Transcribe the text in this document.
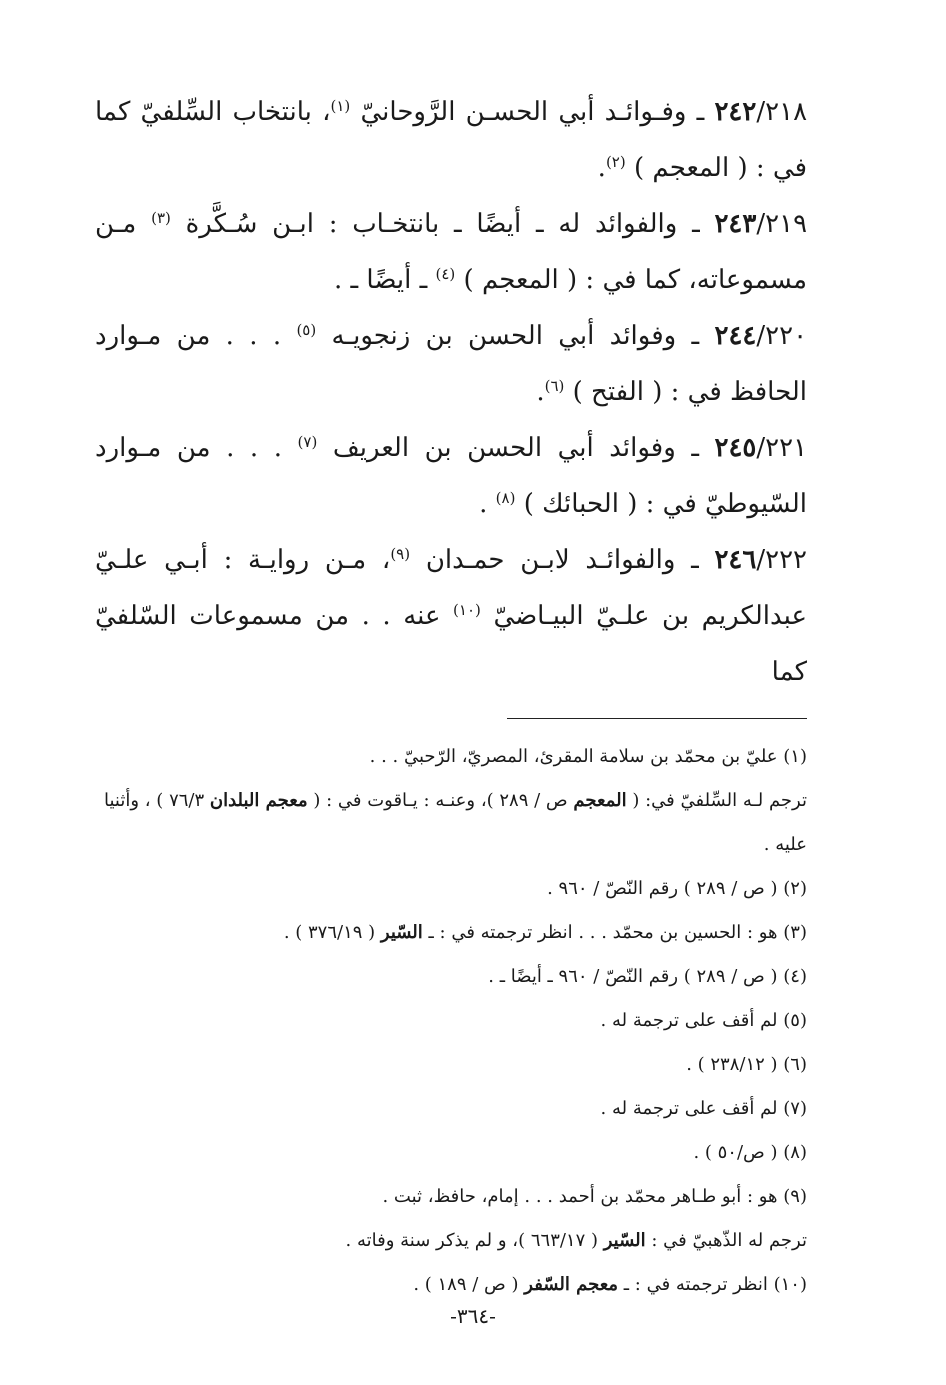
٢٤٢/٢١٨ ـ وفـوائـد أبي الحسـن الرَّوحانيّ $^{(١)}$، بانتخاب السِّلفيّ كما في : ( المعجم ) $^{(٢)}$.
٢٤٣/٢١٩ ـ والفوائد له ـ أيضًا ـ بانتخـاب : ابـن سُـكَّرة $^{(٣)}$ مـن مسموعاته، كما في : ( المعجم ) $^{(٤)}$ ـ أيضًا ـ .
٢٤٤/٢٢٠ ـ وفوائد أبي الحسن بن زنجويـه $^{(٥)}$ . . . من مـوارد الحافظ في : ( الفتح ) $^{(٦)}$.
٢٤٥/٢٢١ ـ وفوائد أبي الحسن بن العريف $^{(٧)}$ . . . من مـوارد السّيوطيّ في : ( الحبائك ) $^{(٨)}$ .
٢٤٦/٢٢٢ ـ والفوائـد لابـن حمـدان $^{(٩)}$، مـن روايـة : أبـي علـيّ عبدالكريم بن علـيّ البيـاضيّ $^{(١٠)}$ عنه . . من مسموعات السّلفيّ كما
(١) عليّ بن محمّد بن سلامة المقرئ، المصريّ، الرّحبيّ . . .
ترجم لـه السِّلفيّ في: ( المعجم ص / ٢٨٩ )، وعنـه : يـاقوت في : ( معجم البلدان ٧٦/٣ ) ، وأثنيا عليه .
(٢) ( ص / ٢٨٩ ) رقم النّصّ / ٩٦٠ .
(٣) هو : الحسين بن محمّد . . . انظر ترجمته في : ـ السّير ( ٣٧٦/١٩ ) .
(٤) ( ص / ٢٨٩ ) رقم النّصّ / ٩٦٠ ـ أيضًا ـ .
(٥) لم أقف على ترجمة له .
(٦) ( ٢٣٨/١٢ ) .
(٧) لم أقف على ترجمة له .
(٨) ( ص/٥٠ ) .
(٩) هو : أبو طـاهر محمّد بن أحمد . . . إمام، حافظ، ثبت .
ترجم له الذّهبيّ في : السّير ( ٦٦٣/١٧ )، و لم يذكر سنة وفاته .
(١٠) انظر ترجمته في : ـ معجم السّفر ( ص / ١٨٩ ) .
-٣٦٤-
